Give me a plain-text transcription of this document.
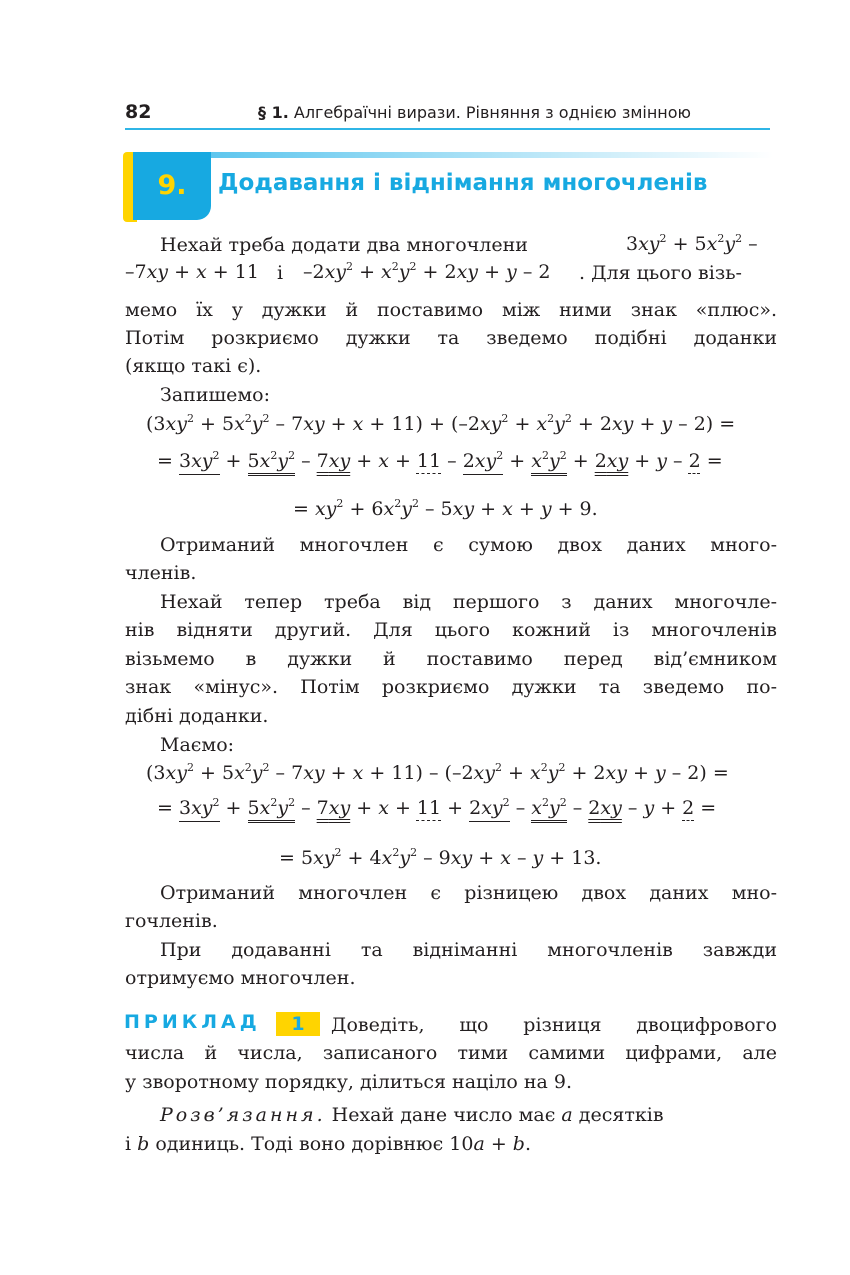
82	§ 1. Алгебраїчні вирази. Рівняння з однією змінною
9.	Додавання і віднімання многочленів
Нехай треба додати два многочлени	$3xy^2 + 5x^2y^2$ –
–7xy + x + 11 і $-2xy^2 + x^2y^2 + 2xy + y - 2$ . Для цього візь-
мемо їх у дужки й поставимо між ними знак «плюс».
Потім розкриємо дужки та зведемо подібні доданки
(якщо такі є).
Запишемо:
$(3xy^2 + 5x^2y^2 - 7xy + x + 11) + (-2xy^2 + x^2y^2 + 2xy + y - 2)$ =
= $3xy^2 + 5x^2y^2 - 7xy + x + 11 - 2xy^2 + x^2y^2 + 2xy + y - 2$ =
= $xy^2 + 6x^2y^2 - 5xy + x + y + 9$.
Отриманий многочлен є сумою двох даних много-
членів.
Нехай тепер треба від першого з даних многочле-
нів відняти другий. Для цього кожний із многочленів
візьмемо в дужки й поставимо перед від’ємником
знак «мінус». Потім розкриємо дужки та зведемо по-
дібні доданки.
Маємо:
$(3xy^2 + 5x^2y^2 - 7xy + x + 11) - (-2xy^2 + x^2y^2 + 2xy + y - 2)$ =
= $3xy^2 + 5x^2y^2 - 7xy + x + 11 + 2xy^2 - x^2y^2 - 2xy - y + 2$ =
= $5xy^2 + 4x^2y^2 - 9xy + x - y + 13$.
Отриманий многочлен є різницею двох даних мно-
гочленів.
При додаванні та відніманні многочленів завжди
отримуємо многочлен.
ПРИКЛАД	1	Доведіть, що різниця двоцифрового
числа й числа, записаного тими самими цифрами, але
у зворотному порядку, ділиться націло на 9.
Розв’язання. Нехай дане число має a десятків
і b одиниць. Тоді воно дорівнює 10a + b.
